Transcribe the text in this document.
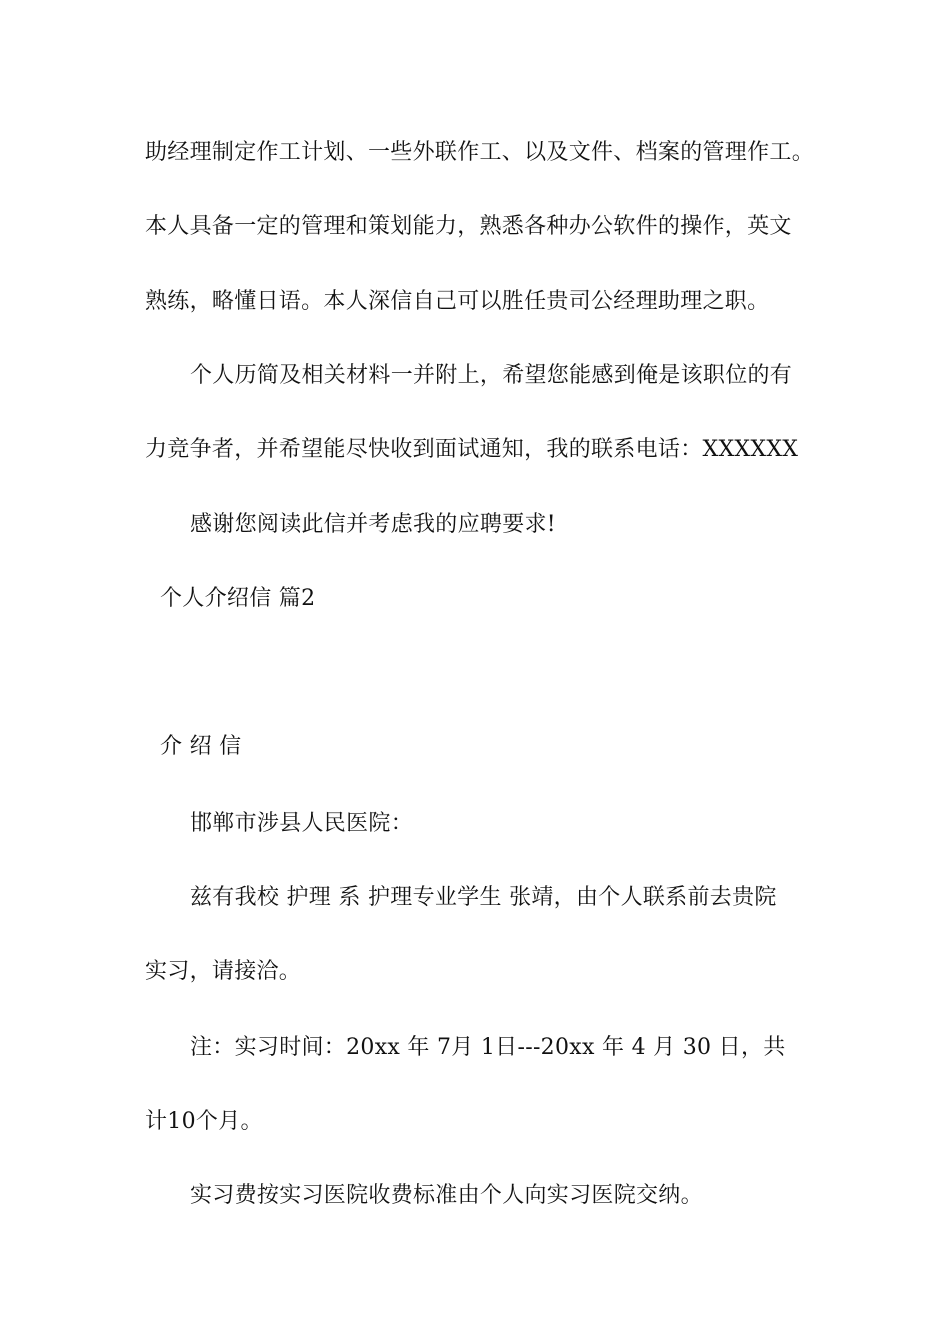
助经理制定作工计划、一些外联作工、以及文件、档案的管理作工。
本人具备一定的管理和策划能力，熟悉各种办公软件的操作，英文
熟练，略懂日语。本人深信自己可以胜任贵司公经理助理之职。
个人历简及相关材料一并附上，希望您能感到俺是该职位的有
力竞争者，并希望能尽快收到面试通知，我的联系电话：XXXXXX
感谢您阅读此信并考虑我的应聘要求!
个人介绍信 篇2
介 绍 信
邯郸市涉县人民医院：
兹有我校 护理 系 护理专业学生 张靖，由个人联系前去贵院
实习，请接洽。
注：实习时间：20xx 年 7月 1日---20xx 年 4 月 30 日，共
计10个月。
实习费按实习医院收费标准由个人向实习医院交纳。
